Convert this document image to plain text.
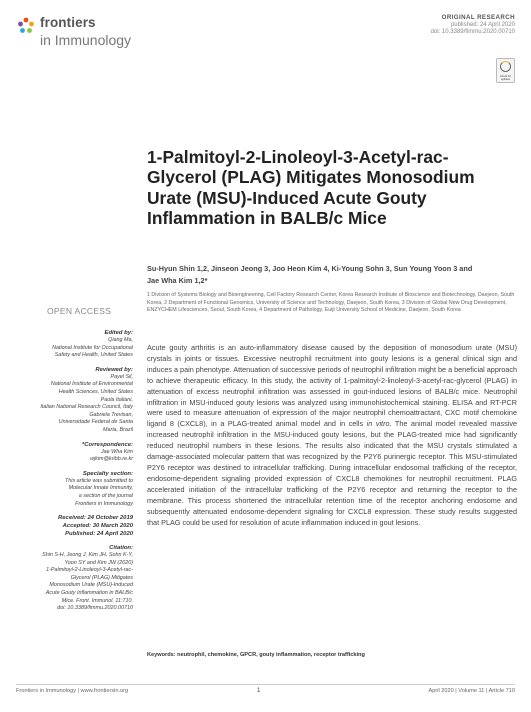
frontiers
in Immunology
ORIGINAL RESEARCH
published: 24 April 2020
doi: 10.3389/fimmu.2020.00710
Check for updates
1-Palmitoyl-2-Linoleoyl-3-Acetyl-rac-Glycerol (PLAG) Mitigates Monosodium Urate (MSU)-Induced Acute Gouty Inflammation in BALB/c Mice
Su-Hyun Shin 1,2, Jinseon Jeong 3, Joo Heon Kim 4, Ki-Young Sohn 3, Sun Young Yoon 3 and
Jae Wha Kim 1,2*
1 Division of Systems Biology and Bioengineering, Cell Factory Research Center, Korea Research Institute of Bioscience and Biotechnology, Daejeon, South Korea, 2 Department of Functional Genomics, University of Science and Technology, Daejeon, South Korea, 3 Division of Global New Drug Development, ENZYCHEM Lifesciences, Seoul, South Korea, 4 Department of Pathology, Eulji University School of Medicine, Daejeon, South Korea
OPEN ACCESS
Edited by:
Qiang Ma,
National Institute for Occupational
Safety and Health, United States
Reviewed by:
Payel Sil,
National Institute of Environmental
Health Sciences, United States
Paola Italiani,
Italian National Research Council, Italy
Gabriela Trevisan,
Universidade Federal de Santa
Maria, Brazil
*Correspondence:
Jae Wha Kim
wjkim@kribb.re.kr
Specialty section:
This article was submitted to
Molecular Innate Immunity,
a section of the journal
Frontiers in Immunology
Received: 24 October 2019
Accepted: 30 March 2020
Published: 24 April 2020
Citation:
Shin S-H, Jeong J, Kim JH, Sohn K-Y,
Yoon SY and Kim JW (2020)
1-Palmitoyl-2-Linoleoyl-3-Acetyl-rac-
Glycerol (PLAG) Mitigates
Monosodium Urate (MSU)-Induced
Acute Gouty Inflammation in BALB/c
Mice. Front. Immunol. 11:710.
doi: 10.3389/fimmu.2020.00710
Acute gouty arthritis is an auto-inflammatory disease caused by the deposition of monosodium urate (MSU) crystals in joints or tissues. Excessive neutrophil recruitment into gouty lesions is a general clinical sign and induces a pain phenotype. Attenuation of successive periods of neutrophil infiltration might be a beneficial approach to achieve therapeutic efficacy. In this study, the activity of 1-palmitoyl-2-linoleoyl-3-acetyl-rac-glycerol (PLAG) in attenuation of excess neutrophil infiltration was assessed in gout-induced lesions of BALB/c mice. Neutrophil infiltration in MSU-induced gouty lesions was analyzed using immunohistochemical staining. ELISA and RT-PCR were used to measure attenuation of expression of the major neutrophil chemoattractant, CXC motif chemokine ligand 8 (CXCL8), in a PLAG-treated animal model and in cells in vitro. The animal model revealed massive increased neutrophil infiltration in the MSU-induced gouty lesions, but the PLAG-treated mice had significantly reduced neutrophil numbers in these lesions. The results also indicated that the MSU crystals stimulated a damage-associated molecular pattern that was recognized by the P2Y6 purinergic receptor. This MSU-stimulated P2Y6 receptor was destined to intracellular trafficking. During intracellular endosomal trafficking of the receptor, endosome-dependent signaling provided expression of CXCL8 chemokines for neutrophil recruitment. PLAG accelerated initiation of the intracellular trafficking of the P2Y6 receptor and returning the receptor to the membrane. This process shortened the intracellular retention time of the receptor anchoring endosome and subsequently attenuated endosome-dependent signaling for CXCL8 expression. These study results suggested that PLAG could be used for resolution of acute inflammation induced in gout lesions.
Keywords: neutrophil, chemokine, GPCR, gouty inflammation, receptor trafficking
Frontiers in Immunology | www.frontiersin.org	1	April 2020 | Volume 11 | Article 710
